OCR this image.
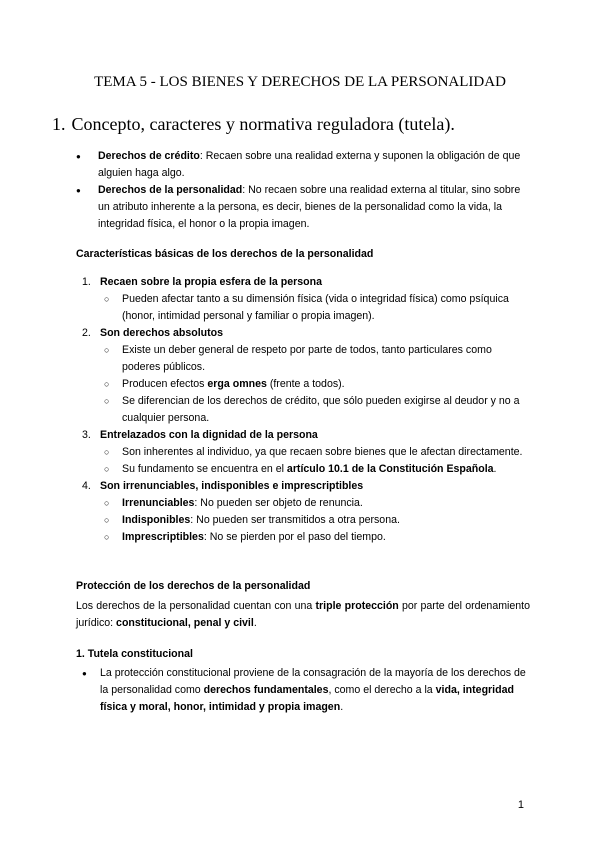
TEMA 5 - LOS BIENES Y DERECHOS DE LA PERSONALIDAD
1. Concepto, caracteres y normativa reguladora (tutela).
● Derechos de crédito: Recaen sobre una realidad externa y suponen la obligación de que alguien haga algo.
● Derechos de la personalidad: No recaen sobre una realidad externa al titular, sino sobre un atributo inherente a la persona, es decir, bienes de la personalidad como la vida, la integridad física, el honor o la propia imagen.
Características básicas de los derechos de la personalidad
1. Recaen sobre la propia esfera de la persona
○ Pueden afectar tanto a su dimensión física (vida o integridad física) como psíquica (honor, intimidad personal y familiar o propia imagen).
2. Son derechos absolutos
○ Existe un deber general de respeto por parte de todos, tanto particulares como poderes públicos.
○ Producen efectos erga omnes (frente a todos).
○ Se diferencian de los derechos de crédito, que sólo pueden exigirse al deudor y no a cualquier persona.
3. Entrelazados con la dignidad de la persona
○ Son inherentes al individuo, ya que recaen sobre bienes que le afectan directamente.
○ Su fundamento se encuentra en el artículo 10.1 de la Constitución Española.
4. Son irrenunciables, indisponibles e imprescriptibles
○ Irrenunciables: No pueden ser objeto de renuncia.
○ Indisponibles: No pueden ser transmitidos a otra persona.
○ Imprescriptibles: No se pierden por el paso del tiempo.
Protección de los derechos de la personalidad
Los derechos de la personalidad cuentan con una triple protección por parte del ordenamiento jurídico: constitucional, penal y civil.
1. Tutela constitucional
● La protección constitucional proviene de la consagración de la mayoría de los derechos de la personalidad como derechos fundamentales, como el derecho a la vida, integridad física y moral, honor, intimidad y propia imagen.
1
